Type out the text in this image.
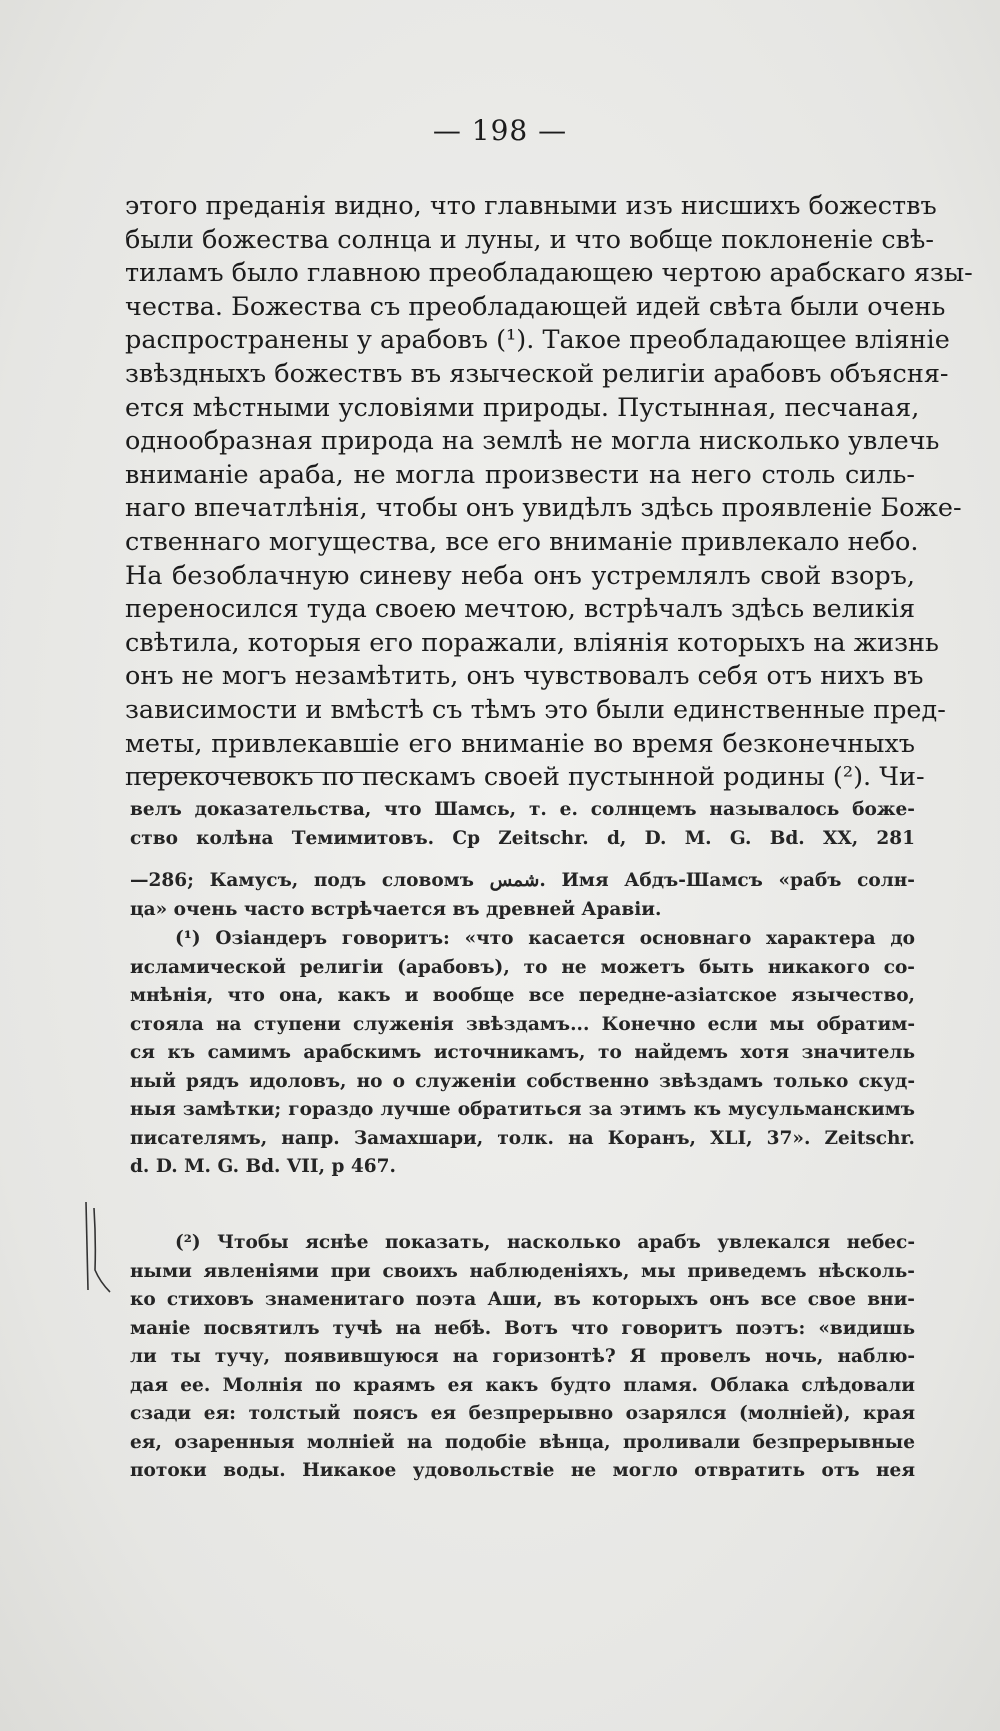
— 198 —
этого преданія видно, что главными изъ нисшихъ божествъ
были божества солнца и луны, и что вобще поклоненіе свѣ-
тиламъ было главною преобладающею чертою арабскаго язы-
чества. Божества съ преобладающей идей свѣта были очень
распространены у арабовъ (¹). Такое преобладающее вліяніе
звѣздныхъ божествъ въ языческой религіи арабовъ объясня-
ется мѣстными условіями природы. Пустынная, песчаная,
однообразная природа на землѣ не могла нисколько увлечь
вниманіе араба, не могла произвести на него столь силь-
наго впечатлѣнія, чтобы онъ увидѣлъ здѣсь проявленіе Боже-
ственнаго могущества, все его вниманіе привлекало небо.
На безоблачную синеву неба онъ устремлялъ свой взоръ,
переносился туда своею мечтою, встрѣчалъ здѣсь великія
свѣтила, которыя его поражали, вліянія которыхъ на жизнь
онъ не могъ незамѣтить, онъ чувствовалъ себя отъ нихъ въ
зависимости и вмѣстѣ съ тѣмъ это были единственные пред-
меты, привлекавшіе его вниманіе во время безконечныхъ
перекочевокъ по пескамъ своей пустынной родины (²). Чи-
велъ доказательства, что Шамсь, т. е. солнцемъ называлось боже-
ство колѣна Темимитовъ. Ср Zeitschr. d, D. M. G. Bd. XX, 281
—286; Камусъ, подъ словомъ شمس. Имя Абдъ-Шамсъ «рабъ солн-
ца» очень часто встрѣчается въ древней Аравіи.
(¹) Озіандеръ говоритъ: «что касается основнаго характера до
исламической религіи (арабовъ), то не можетъ быть никакого со-
мнѣнія, что она, какъ и вообще все передне-азіатское язычество,
стояла на ступени служенія звѣздамъ... Конечно если мы обратим-
ся къ самимъ арабскимъ источникамъ, то найдемъ хотя значитель
ный рядъ идоловъ, но о служеніи собственно звѣздамъ только скуд-
ныя замѣтки; гораздо лучше обратиться за этимъ къ мусульманскимъ
писателямъ, напр. Замахшари, толк. на Коранъ, XLI, 37». Zeitschr.
d. D. M. G. Bd. VII, p 467.
(²) Чтобы яснѣе показать, насколько арабъ увлекался небес-
ными явленіями при своихъ наблюденіяхъ, мы приведемъ нѣсколь-
ко стиховъ знаменитаго поэта Аши, въ которыхъ онъ все свое вни-
маніе посвятилъ тучѣ на небѣ. Вотъ что говоритъ поэтъ: «видишь
ли ты тучу, появившуюся на горизонтѣ? Я провелъ ночь, наблю-
дая ее. Молнія по краямъ ея какъ будто пламя. Облака слѣдовали
сзади ея: толстый поясъ ея безпрерывно озарялся (молніей), края
ея, озаренныя молніей на подобіе вѣнца, проливали безпрерывные
потоки воды. Никакое удовольствіе не могло отвратить отъ нея
